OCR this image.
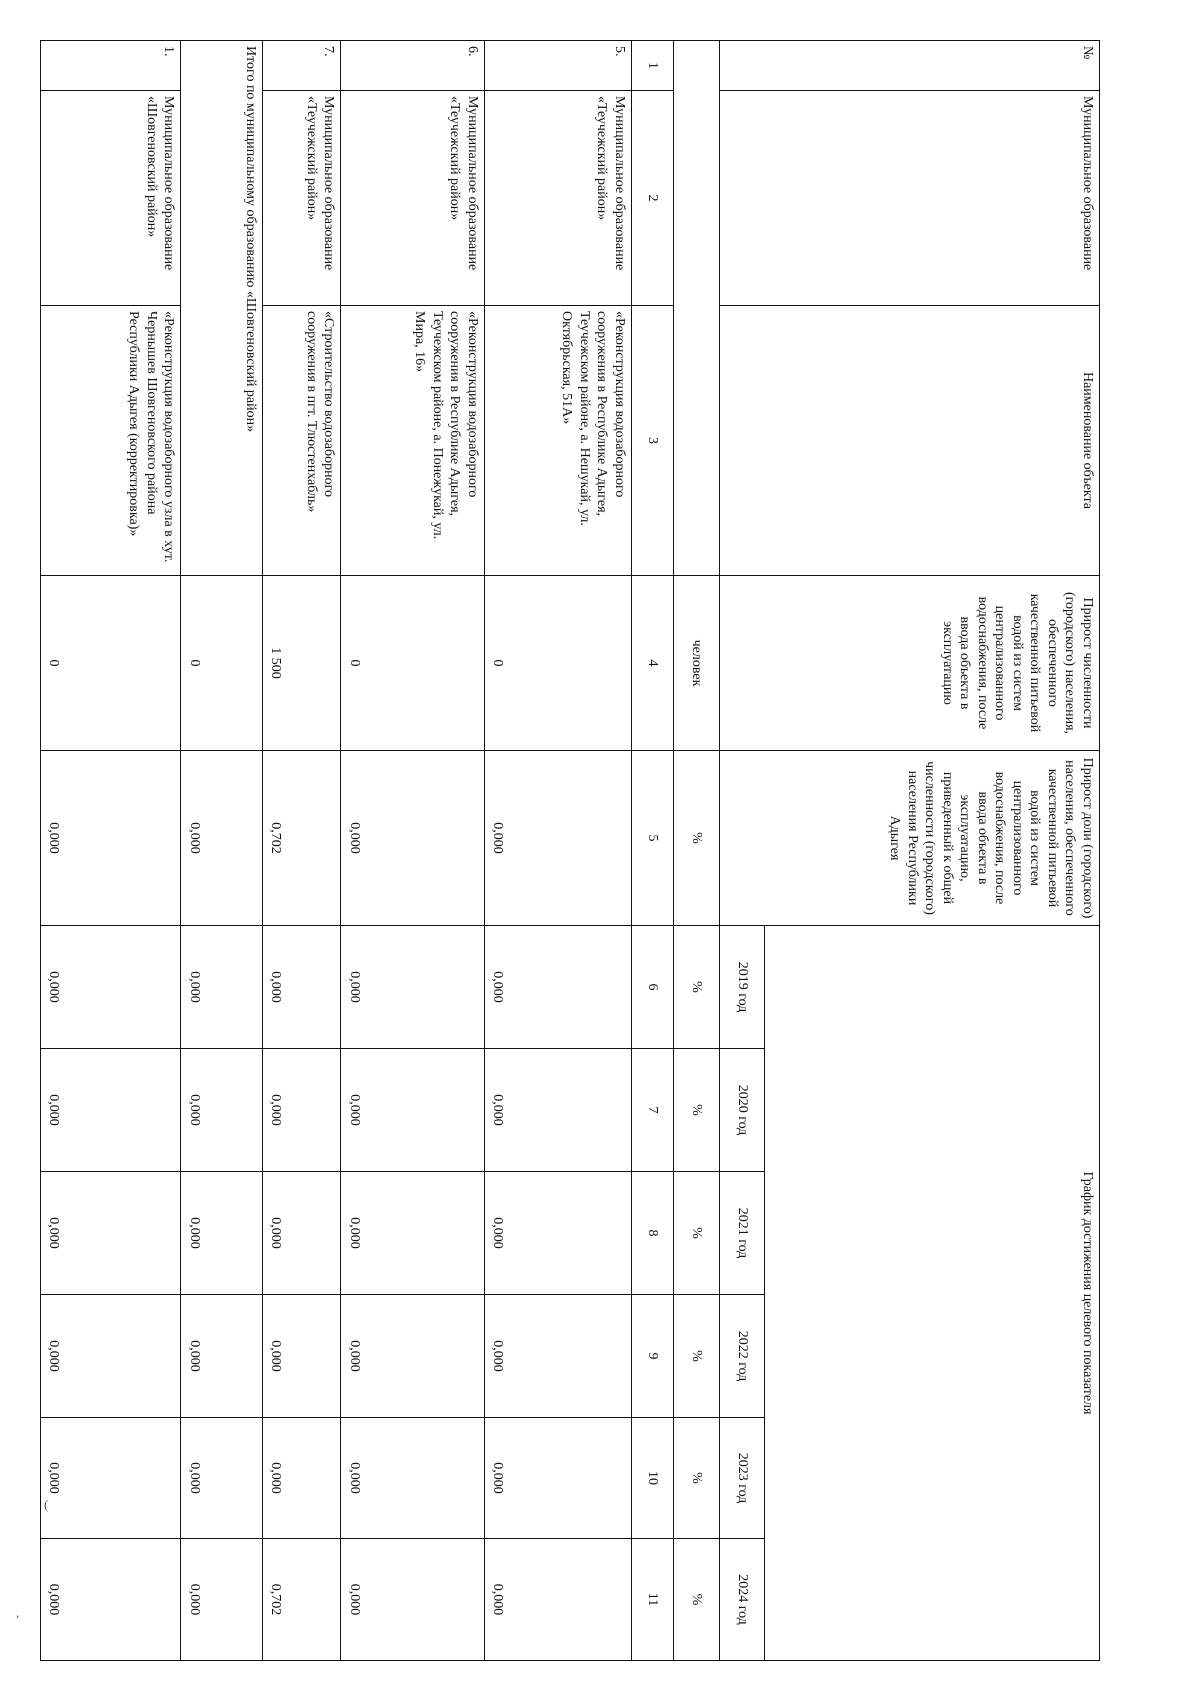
(
,
№	Муниципальное образование	Наименование объекта	Прирост численности (городского) населения, обеспеченного качественной питьевой водой из систем централизованного водоснабжения, после ввода объекта в эксплуатацию	Прирост доли (городского) населения, обеспеченного качественной питьевой водой из систем централизованного водоснабжения, после ввода объекта в эксплуатацию, приведенный к общей численности (городского) населения Республики Адыгея	График достижения целевого показателя					
					2019 год	2020 год	2021 год	2022 год	2023 год	2024 год
			человек	%	%	%	%	%	%	%
1	2	3	4	5	6	7	8	9	10	11
5.	Муниципальное образование «Теучежский район»	«Реконструкция водозаборного сооружения в Республике Адыгея, Теучежском районе, а. Нешукай, ул. Октябрьская, 51А»	0	0,000	0,000	0,000	0,000	0,000	0,000	0,000
6.	Муниципальное образование «Теучежский район»	«Реконструкция водозаборного сооружения в Республике Адыгея, Теучежском районе, а. Понежукай, ул. Мира, 16»	0	0,000	0,000	0,000	0,000	0,000	0,000	0,000
7.	Муниципальное образование «Теучежский район»	«Строительство водозаборного сооружения в пгт. Тлюстенхабль»	1 500	0,702	0,000	0,000	0,000	0,000	0,000	0,702
Итого по муниципальному образованию «Шовгеновский район»			0	0,000	0,000	0,000	0,000	0,000	0,000	0,000
1.	Муниципальное образование «Шовгеновский район»	«Реконструкция водозаборного узла в хут. Чернышев Шовгеновского района Республики Адыгея (корректировка)»	0	0,000	0,000	0,000	0,000	0,000	0,000	0,000
